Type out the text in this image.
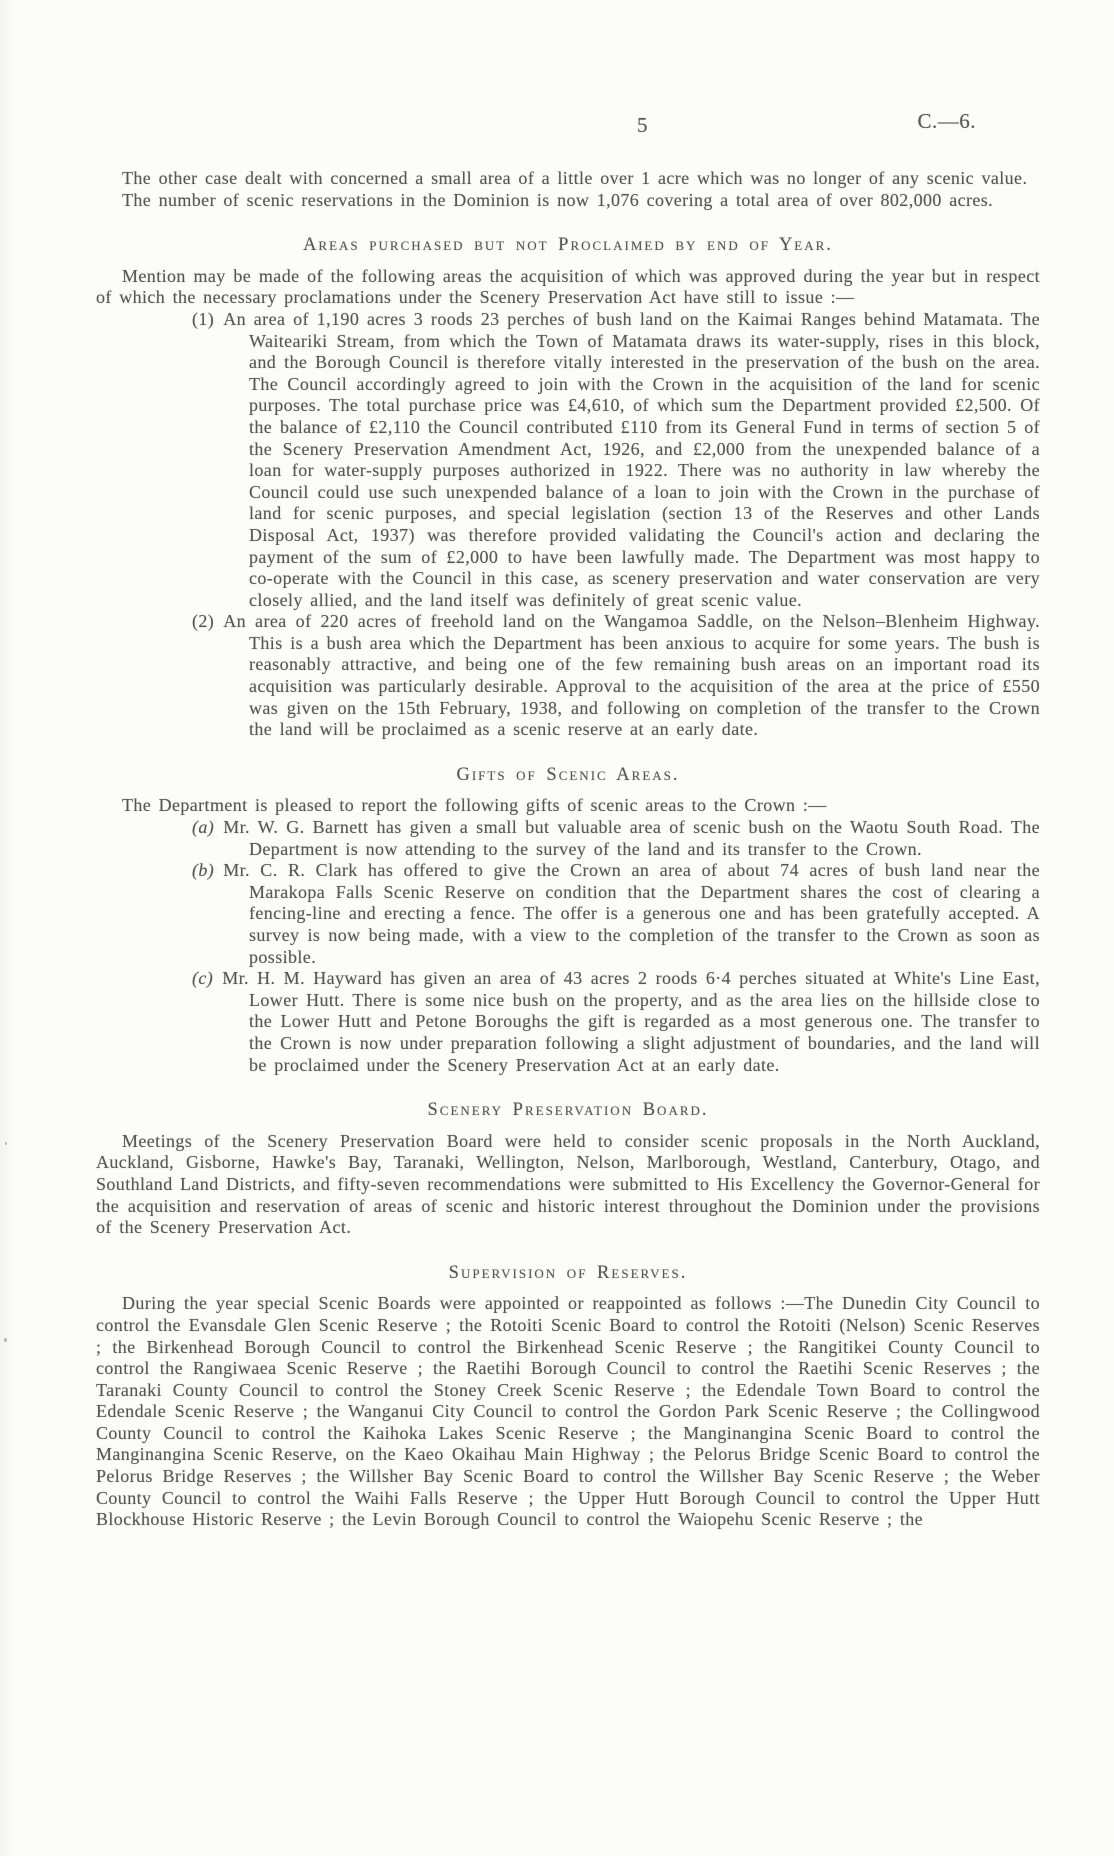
5	C.—6.

The other case dealt with concerned a small area of a little over 1 acre which was no longer of any scenic value.

The number of scenic reservations in the Dominion is now 1,076 covering a total area of over 802,000 acres.

Areas purchased but not Proclaimed by end of Year.

Mention may be made of the following areas the acquisition of which was approved during the year but in respect of which the necessary proclamations under the Scenery Preservation Act have still to issue :—

(1) An area of 1,190 acres 3 roods 23 perches of bush land on the Kaimai Ranges behind Matamata. The Waiteariki Stream, from which the Town of Matamata draws its water-supply, rises in this block, and the Borough Council is therefore vitally interested in the preservation of the bush on the area. The Council accordingly agreed to join with the Crown in the acquisition of the land for scenic purposes. The total purchase price was £4,610, of which sum the Department provided £2,500. Of the balance of £2,110 the Council contributed £110 from its General Fund in terms of section 5 of the Scenery Preservation Amendment Act, 1926, and £2,000 from the unexpended balance of a loan for water-supply purposes authorized in 1922. There was no authority in law whereby the Council could use such unexpended balance of a loan to join with the Crown in the purchase of land for scenic purposes, and special legislation (section 13 of the Reserves and other Lands Disposal Act, 1937) was therefore provided validating the Council's action and declaring the payment of the sum of £2,000 to have been lawfully made. The Department was most happy to co-operate with the Council in this case, as scenery preservation and water conservation are very closely allied, and the land itself was definitely of great scenic value.

(2) An area of 220 acres of freehold land on the Wangamoa Saddle, on the Nelson–Blenheim Highway. This is a bush area which the Department has been anxious to acquire for some years. The bush is reasonably attractive, and being one of the few remaining bush areas on an important road its acquisition was particularly desirable. Approval to the acquisition of the area at the price of £550 was given on the 15th February, 1938, and following on completion of the transfer to the Crown the land will be proclaimed as a scenic reserve at an early date.

Gifts of Scenic Areas.

The Department is pleased to report the following gifts of scenic areas to the Crown :—

(a) Mr. W. G. Barnett has given a small but valuable area of scenic bush on the Waotu South Road. The Department is now attending to the survey of the land and its transfer to the Crown.

(b) Mr. C. R. Clark has offered to give the Crown an area of about 74 acres of bush land near the Marakopa Falls Scenic Reserve on condition that the Department shares the cost of clearing a fencing-line and erecting a fence. The offer is a generous one and has been gratefully accepted. A survey is now being made, with a view to the completion of the transfer to the Crown as soon as possible.

(c) Mr. H. M. Hayward has given an area of 43 acres 2 roods 6·4 perches situated at White's Line East, Lower Hutt. There is some nice bush on the property, and as the area lies on the hillside close to the Lower Hutt and Petone Boroughs the gift is regarded as a most generous one. The transfer to the Crown is now under preparation following a slight adjustment of boundaries, and the land will be proclaimed under the Scenery Preservation Act at an early date.

Scenery Preservation Board.

Meetings of the Scenery Preservation Board were held to consider scenic proposals in the North Auckland, Auckland, Gisborne, Hawke's Bay, Taranaki, Wellington, Nelson, Marlborough, Westland, Canterbury, Otago, and Southland Land Districts, and fifty-seven recommendations were submitted to His Excellency the Governor-General for the acquisition and reservation of areas of scenic and historic interest throughout the Dominion under the provisions of the Scenery Preservation Act.

Supervision of Reserves.

During the year special Scenic Boards were appointed or reappointed as follows :—The Dunedin City Council to control the Evansdale Glen Scenic Reserve ; the Rotoiti Scenic Board to control the Rotoiti (Nelson) Scenic Reserves ; the Birkenhead Borough Council to control the Birkenhead Scenic Reserve ; the Rangitikei County Council to control the Rangiwaea Scenic Reserve ; the Raetihi Borough Council to control the Raetihi Scenic Reserves ; the Taranaki County Council to control the Stoney Creek Scenic Reserve ; the Edendale Town Board to control the Edendale Scenic Reserve ; the Wanganui City Council to control the Gordon Park Scenic Reserve ; the Collingwood County Council to control the Kaihoka Lakes Scenic Reserve ; the Manginangina Scenic Board to control the Manginangina Scenic Reserve, on the Kaeo Okaihau Main Highway ; the Pelorus Bridge Scenic Board to control the Pelorus Bridge Reserves ; the Willsher Bay Scenic Board to control the Willsher Bay Scenic Reserve ; the Weber County Council to control the Waihi Falls Reserve ; the Upper Hutt Borough Council to control the Upper Hutt Blockhouse Historic Reserve ; the Levin Borough Council to control the Waiopehu Scenic Reserve ; the
